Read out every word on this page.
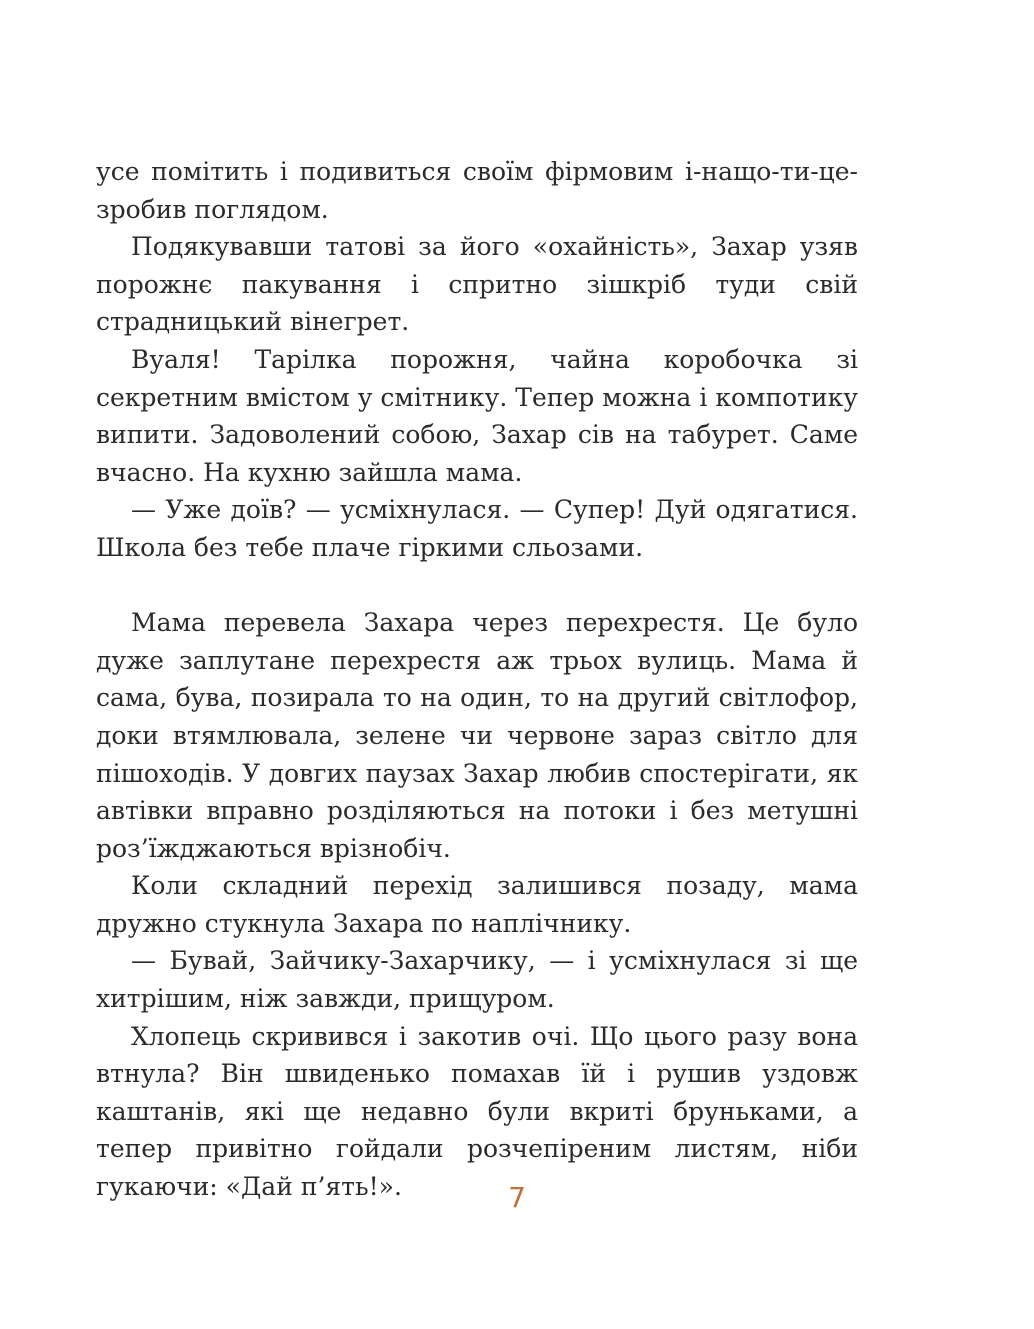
усе помітить і подивиться своїм фірмовим і-нащо-ти-це-зробив поглядом.

Подякувавши татові за його «охайність», Захар узяв порожнє пакування і спритно зішкріб туди свій страдницький вінегрет.

Вуаля! Тарілка порожня, чайна коробочка зі секретним вмістом у смітнику. Тепер можна і компотику випити. Задоволений собою, Захар сів на табурет. Саме вчасно. На кухню зайшла мама.

— Уже доїв? — усміхнулася. — Супер! Дуй одягатися. Школа без тебе плаче гіркими сльозами.

Мама перевела Захара через перехрестя. Це було дуже заплутане перехрестя аж трьох вулиць. Мама й сама, бува, позирала то на один, то на другий світлофор, доки втямлювала, зелене чи червоне зараз світло для пішоходів. У довгих паузах Захар любив спостерігати, як автівки вправно розділяються на потоки і без метушні роз’їжджаються врізнобіч.

Коли складний перехід залишився позаду, мама дружно стукнула Захара по наплічнику.

— Бувай, Зайчику-Захарчику, — і усміхнулася зі ще хитрішим, ніж завжди, прищуром.

Хлопець скривився і закотив очі. Що цього разу вона втнула? Він швиденько помахав їй і рушив уздовж каштанів, які ще недавно були вкриті бруньками, а тепер привітно гойдали розчепіреним листям, ніби гукаючи: «Дай п’ять!».	7
